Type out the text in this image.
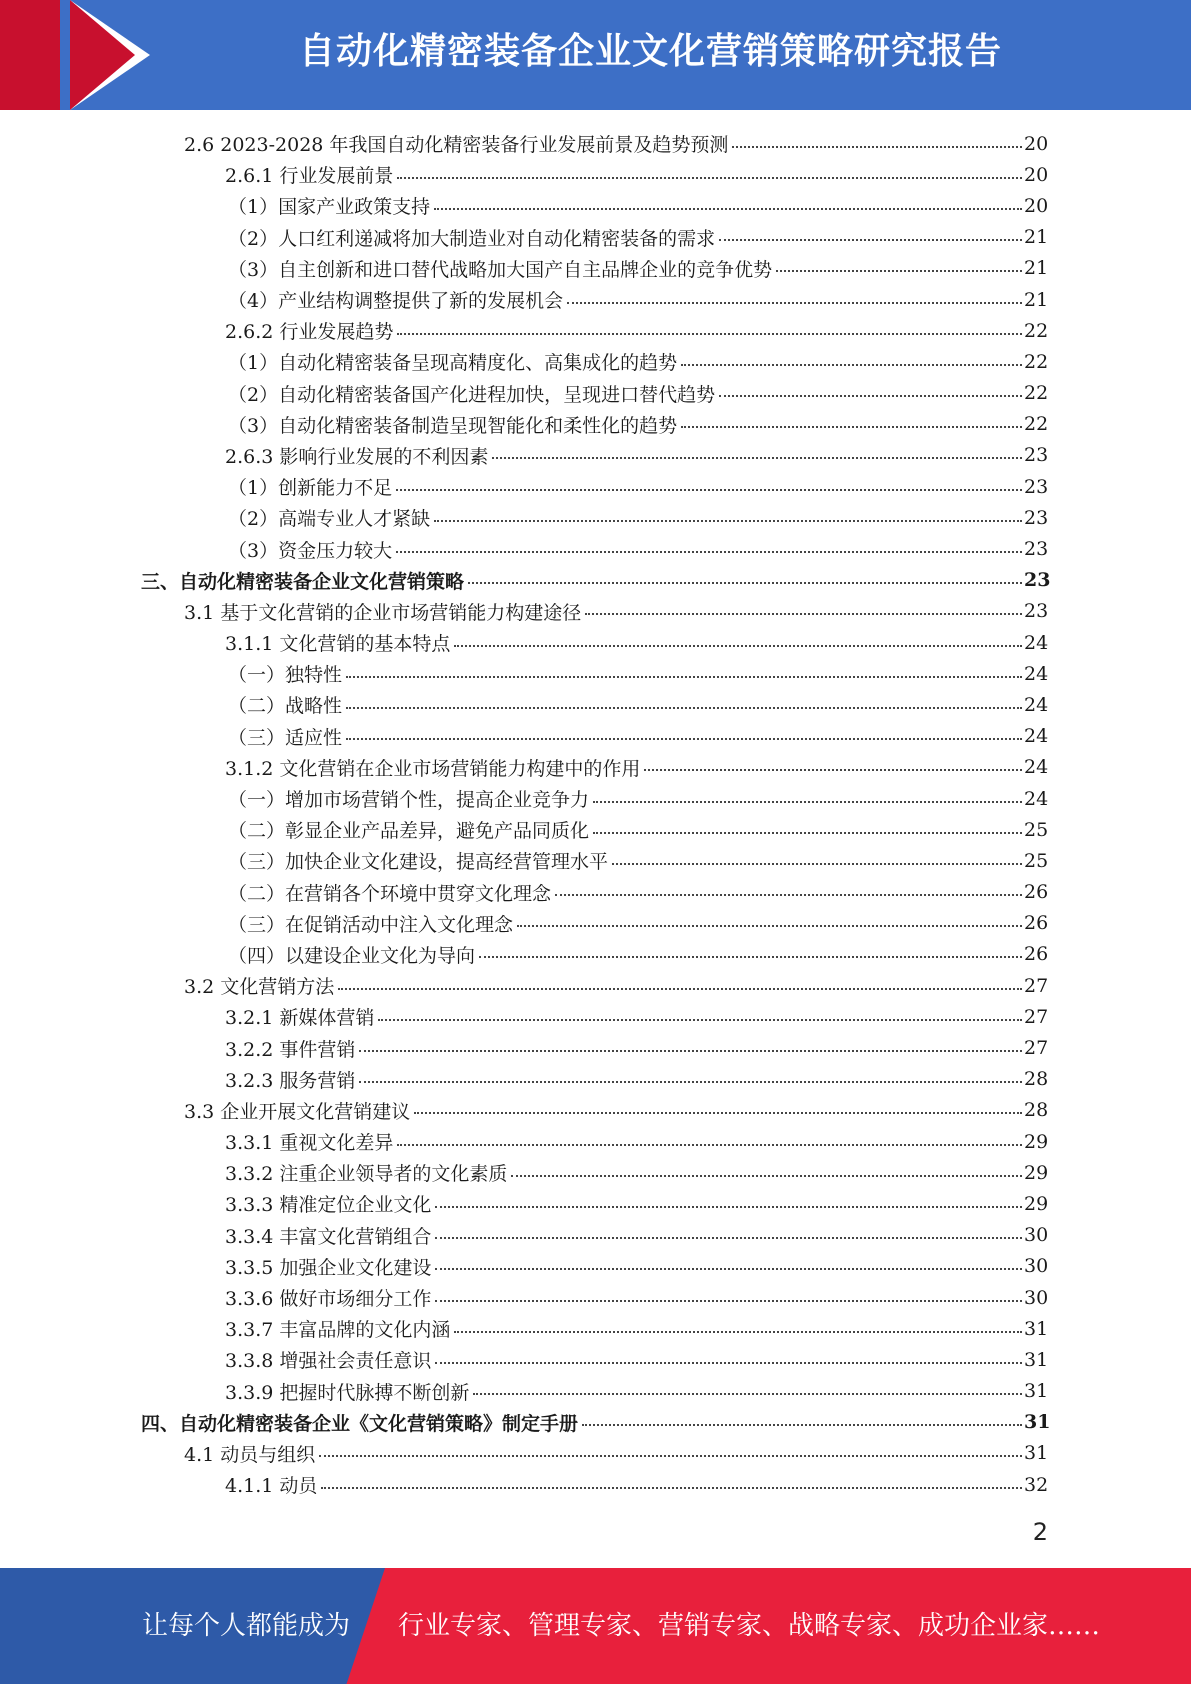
自动化精密装备企业文化营销策略研究报告
2.6 2023-2028 年我国自动化精密装备行业发展前景及趋势预测	20
2.6.1 行业发展前景	20
（1）国家产业政策支持	20
（2）人口红利递减将加大制造业对自动化精密装备的需求	21
（3）自主创新和进口替代战略加大国产自主品牌企业的竞争优势	21
（4）产业结构调整提供了新的发展机会	21
2.6.2 行业发展趋势	22
（1）自动化精密装备呈现高精度化、高集成化的趋势	22
（2）自动化精密装备国产化进程加快，呈现进口替代趋势	22
（3）自动化精密装备制造呈现智能化和柔性化的趋势	22
2.6.3 影响行业发展的不利因素	23
（1）创新能力不足	23
（2）高端专业人才紧缺	23
（3）资金压力较大	23
三、自动化精密装备企业文化营销策略	23
3.1 基于文化营销的企业市场营销能力构建途径	23
3.1.1 文化营销的基本特点	24
（一）独特性	24
（二）战略性	24
（三）适应性	24
3.1.2 文化营销在企业市场营销能力构建中的作用	24
（一）增加市场营销个性，提高企业竞争力	24
（二）彰显企业产品差异，避免产品同质化	25
（三）加快企业文化建设，提高经营管理水平	25
（二）在营销各个环境中贯穿文化理念	26
（三）在促销活动中注入文化理念	26
（四）以建设企业文化为导向	26
3.2 文化营销方法	27
3.2.1 新媒体营销	27
3.2.2 事件营销	27
3.2.3 服务营销	28
3.3 企业开展文化营销建议	28
3.3.1 重视文化差异	29
3.3.2 注重企业领导者的文化素质	29
3.3.3 精准定位企业文化	29
3.3.4 丰富文化营销组合	30
3.3.5 加强企业文化建设	30
3.3.6 做好市场细分工作	30
3.3.7 丰富品牌的文化内涵	31
3.3.8 增强社会责任意识	31
3.3.9 把握时代脉搏不断创新	31
四、自动化精密装备企业《文化营销策略》制定手册	31
4.1 动员与组织	31
4.1.1 动员	32
2
让每个人都能成为 行业专家、管理专家、营销专家、战略专家、成功企业家……
